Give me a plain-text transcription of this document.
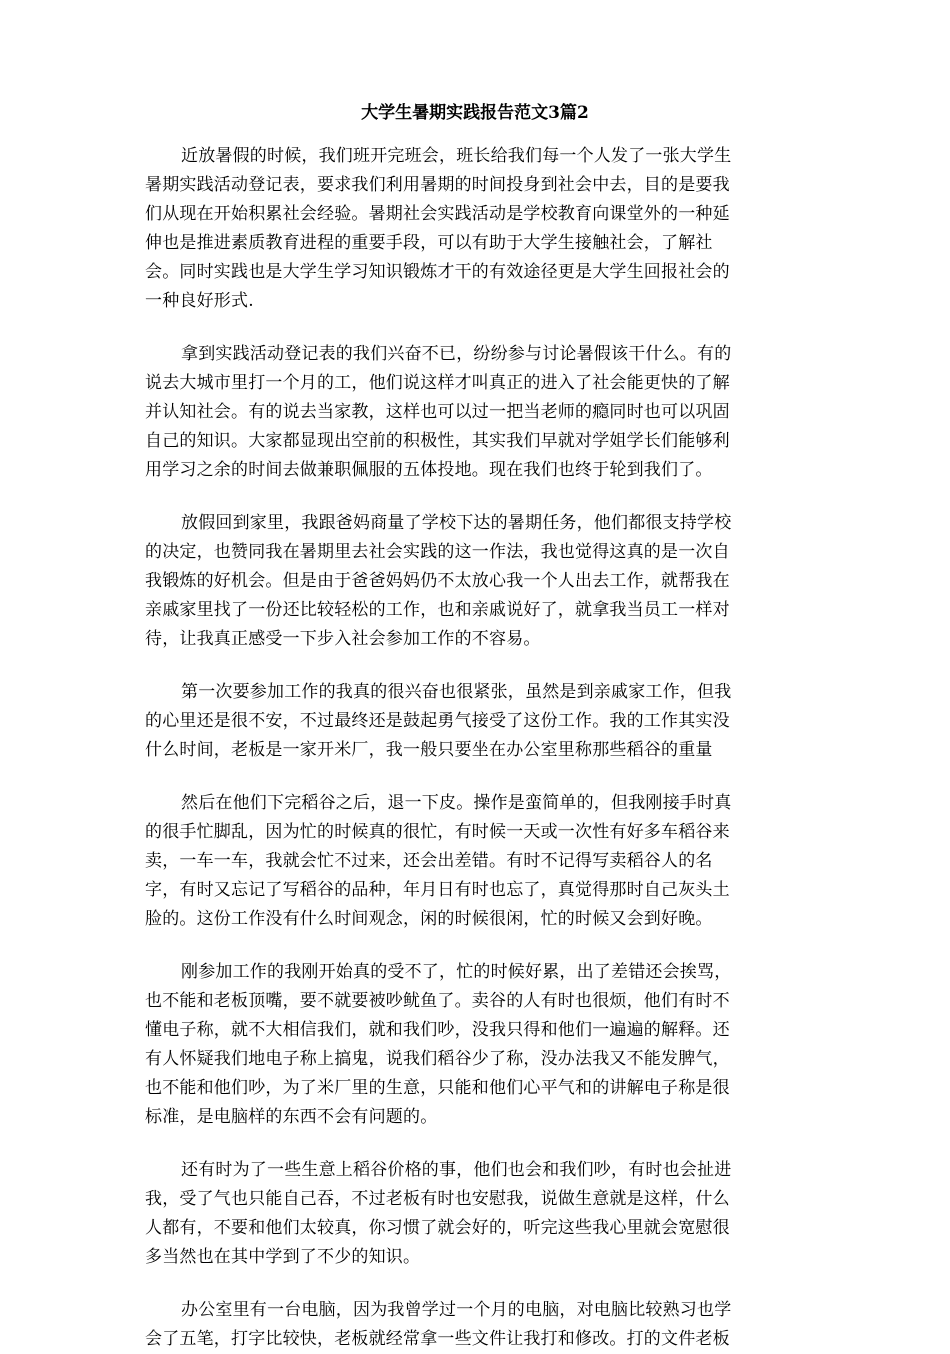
大学生暑期实践报告范文3篇2
近放暑假的时候，我们班开完班会，班长给我们每一个人发了一张大学生
暑期实践活动登记表，要求我们利用暑期的时间投身到社会中去，目的是要我
们从现在开始积累社会经验。暑期社会实践活动是学校教育向课堂外的一种延
伸也是推进素质教育进程的重要手段，可以有助于大学生接触社会，了解社
会。同时实践也是大学生学习知识锻炼才干的有效途径更是大学生回报社会的
一种良好形式.
拿到实践活动登记表的我们兴奋不已，纷纷参与讨论暑假该干什么。有的
说去大城市里打一个月的工，他们说这样才叫真正的进入了社会能更快的了解
并认知社会。有的说去当家教，这样也可以过一把当老师的瘾同时也可以巩固
自己的知识。大家都显现出空前的积极性，其实我们早就对学姐学长们能够利
用学习之余的时间去做兼职佩服的五体投地。现在我们也终于轮到我们了。
放假回到家里，我跟爸妈商量了学校下达的暑期任务，他们都很支持学校
的决定，也赞同我在暑期里去社会实践的这一作法，我也觉得这真的是一次自
我锻炼的好机会。但是由于爸爸妈妈仍不太放心我一个人出去工作，就帮我在
亲戚家里找了一份还比较轻松的工作，也和亲戚说好了，就拿我当员工一样对
待，让我真正感受一下步入社会参加工作的不容易。
第一次要参加工作的我真的很兴奋也很紧张，虽然是到亲戚家工作，但我
的心里还是很不安，不过最终还是鼓起勇气接受了这份工作。我的工作其实没
什么时间，老板是一家开米厂，我一般只要坐在办公室里称那些稻谷的重量
然后在他们下完稻谷之后，退一下皮。操作是蛮简单的，但我刚接手时真
的很手忙脚乱，因为忙的时候真的很忙，有时候一天或一次性有好多车稻谷来
卖，一车一车，我就会忙不过来，还会出差错。有时不记得写卖稻谷人的名
字，有时又忘记了写稻谷的品种，年月日有时也忘了，真觉得那时自己灰头土
脸的。这份工作没有什么时间观念，闲的时候很闲，忙的时候又会到好晚。
刚参加工作的我刚开始真的受不了，忙的时候好累，出了差错还会挨骂，
也不能和老板顶嘴，要不就要被吵鱿鱼了。卖谷的人有时也很烦，他们有时不
懂电子称，就不大相信我们，就和我们吵，没我只得和他们一遍遍的解释。还
有人怀疑我们地电子称上搞鬼，说我们稻谷少了称，没办法我又不能发脾气，
也不能和他们吵，为了米厂里的生意，只能和他们心平气和的讲解电子称是很
标准，是电脑样的东西不会有问题的。
还有时为了一些生意上稻谷价格的事，他们也会和我们吵，有时也会扯进
我，受了气也只能自己吞，不过老板有时也安慰我，说做生意就是这样，什么
人都有，不要和他们太较真，你习惯了就会好的，听完这些我心里就会宽慰很
多当然也在其中学到了不少的知识。
办公室里有一台电脑，因为我曾学过一个月的电脑，对电脑比较熟习也学
会了五笔，打字比较快，老板就经常拿一些文件让我打和修改。打的文件老板
